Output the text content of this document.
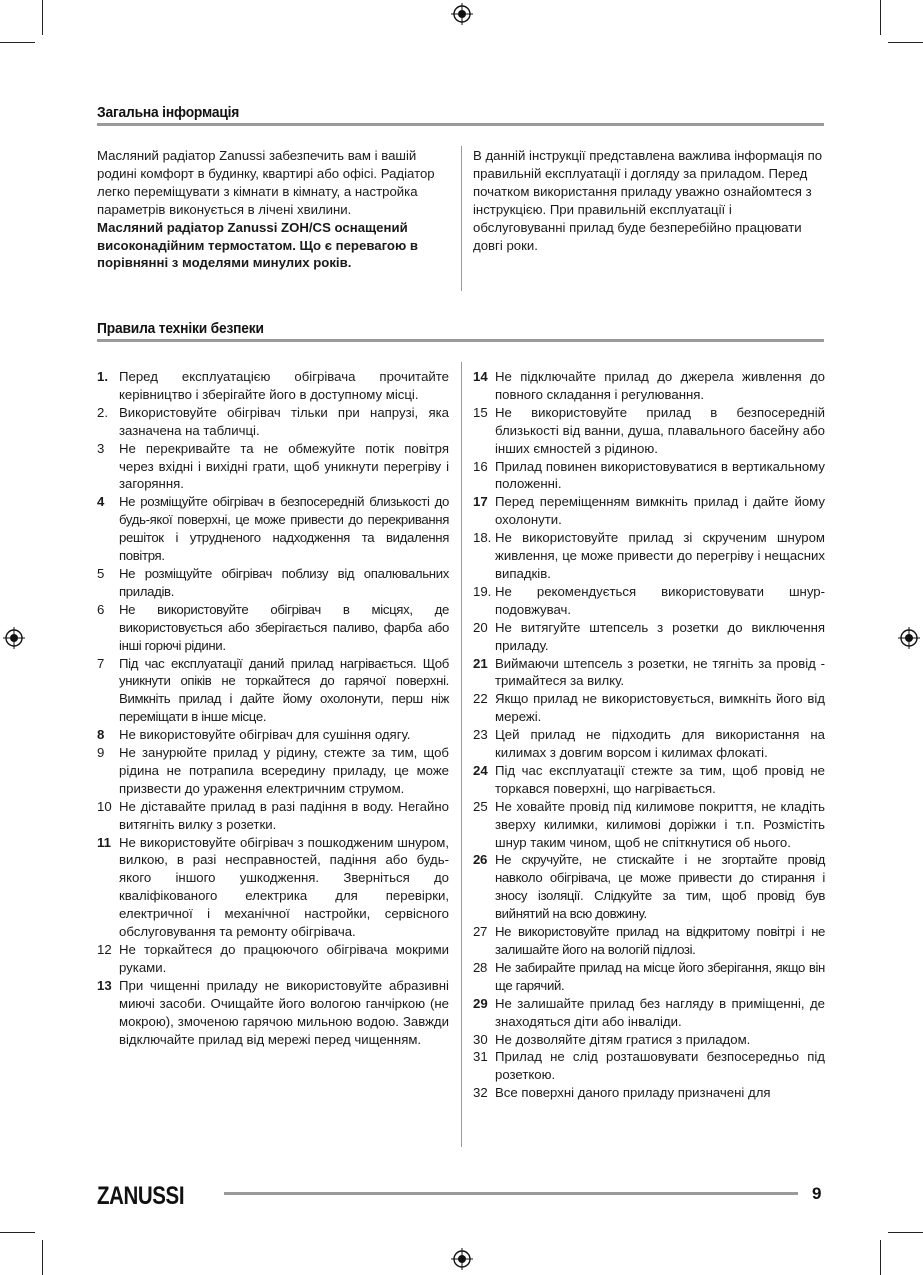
Загальна інформація

Масляний радіатор Zanussi забезпечить вам і вашій родині комфорт в будинку, квартирі або офісі. Радіатор легко переміщувати з кімнати в кімнату, а настройка параметрів виконується в лічені хвилини.

Масляний радіатор Zanussi ZOH/CS оснащений високонадійним термостатом. Що є перевагою в порівнянні з моделями минулих років.

В данній інструкції представлена важлива інформація по правильній експлуатації і догляду за приладом. Перед початком використання приладу уважно ознайомтеся з інструкцією. При правильній експлуатації і обслуговуванні прилад буде безперебійно працювати довгі роки.

Правила техніки безпеки
1. Перед експлуатацією обігрівача прочитайте керівництво і зберігайте його в доступному місці.
2. Використовуйте обігрівач тільки при напрузі, яка зазначена на табличці.
3 Не перекривайте та не обмежуйте потік повітря через вхідні і вихідні грати, щоб уникнути перегріву і загоряння.
4 Не розміщуйте обігрівач в безпосередній близькості до будь-якої поверхні, це може привести до перекривання решіток і утрудненого надходження та видалення повітря.
5 Не розміщуйте обігрівач поблизу від опалювальних приладів.
6 Не використовуйте обігрівач в місцях, де використовується або зберігається паливо, фарба або інші горючі рідини.
7 Під час експлуатації даний прилад нагрівається. Щоб уникнути опіків не торкайтеся до гарячої поверхні. Вимкніть прилад і дайте йому охолонути, перш ніж переміщати в інше місце.
8 Не використовуйте обігрівач для сушіння одягу.
9 Не занурюйте прилад у рідину, стежте за тим, щоб рідина не потрапила всередину приладу, це може призвести до ураження електричним струмом.
10 Не діставайте прилад в разі падіння в воду. Негайно витягніть вилку з розетки.
11 Не використовуйте обігрівач з пошкодженим шнуром, вилкою, в разі несправностей, падіння або будь-якого іншого ушкодження. Зверніться до кваліфікованого електрика для перевірки, електричної і механічної настройки, сервісного обслуговування та ремонту обігрівача.
12 Не торкайтеся до працюючого обігрівача мокрими руками.
13 При чищенні приладу не використовуйте абразивні миючі засоби. Очищайте його вологою ганчіркою (не мокрою), змоченою гарячою мильною водою. Завжди відключайте прилад від мережі перед чищенням.
14 Не підключайте прилад до джерела живлення до повного складання і регулювання.
15 Не використовуйте прилад в безпосередній близькості від ванни, душа, плавального басейну або інших ємностей з рідиною.
16 Прилад повинен використовуватися в вертикальному положенні.
17 Перед переміщенням вимкніть прилад і дайте йому охолонути.
18. Не використовуйте прилад зі скрученим шнуром живлення, це може привести до перегріву і нещасних випадків.
19. Не рекомендується використовувати шнур-подовжувач.
20 Не витягуйте штепсель з розетки до виключення приладу.
21 Виймаючи штепсель з розетки, не тягніть за провід - тримайтеся за вилку.
22 Якщо прилад не використовується, вимкніть його від мережі.
23 Цей прилад не підходить для використання на килимах з довгим ворсом і килимах флокаті.
24 Під час експлуатації стежте за тим, щоб провід не торкався поверхні, що нагрівається.
25 Не ховайте провід під килимове покриття, не кладіть зверху килимки, килимові доріжки і т.п. Розмістіть шнур таким чином, щоб не спіткнутися об нього.
26 Не скручуйте, не стискайте і не згортайте провід навколо обігрівача, це може привести до стирання і зносу ізоляції. Слідкуйте за тим, щоб провід був вийнятий на всю довжину.
27 Не використовуйте прилад на відкритому повітрі і не залишайте його на вологій підлозі.
28 Не забирайте прилад на місце його зберігання, якщо він ще гарячий.
29 Не залишайте прилад без нагляду в приміщенні, де знаходяться діти або інваліди.
30 Не дозволяйте дітям гратися з приладом.
31 Прилад не слід розташовувати безпосередньо під розеткою.
32 Все поверхні даного приладу призначені для
ZANUSSI	9
